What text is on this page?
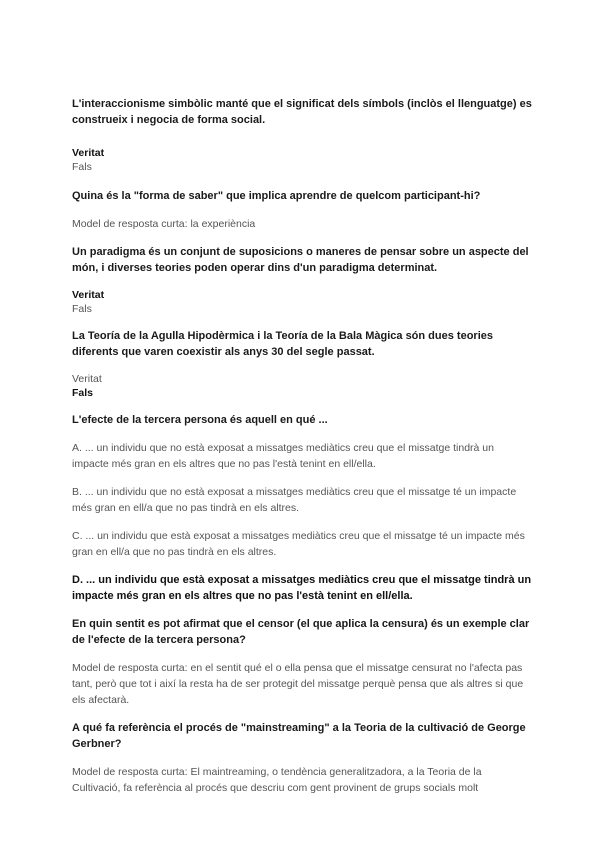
L'interaccionisme simbòlic manté que el significat dels símbols (inclòs el llenguatge) es construeix i negocia de forma social.

Veritat

Fals

Quina és la "forma de saber" que implica aprendre de quelcom participant-hi?

Model de resposta curta: la experiència

Un paradigma és un conjunt de suposicions o maneres de pensar sobre un aspecte del món, i diverses teories poden operar dins d'un paradigma determinat.

Veritat

Fals

La Teoría de la Agulla Hipodèrmica i la Teoría de la Bala Màgica són dues teories diferents que varen coexistir als anys 30 del segle passat.

Veritat

Fals

L'efecte de la tercera persona és aquell en qué ...

A. ... un individu que no està exposat a missatges mediàtics creu que el missatge tindrà un impacte més gran en els altres que no pas l'està tenint en ell/ella.

B. ... un individu que no està exposat a missatges mediàtics creu que el missatge té un impacte més gran en ell/a que no pas tindrà en els altres.

C. ... un individu que està exposat a missatges mediàtics creu que el missatge té un impacte més gran en ell/a que no pas tindrà en els altres.

D. ... un individu que està exposat a missatges mediàtics creu que el missatge tindrà un impacte més gran en els altres que no pas l'està tenint en ell/ella.

En quin sentit es pot afirmat que el censor (el que aplica la censura) és un exemple clar de l'efecte de la tercera persona?

Model de resposta curta: en el sentit qué el o ella pensa que el missatge censurat no l'afecta pas tant, però que tot i així la resta ha de ser protegit del missatge perquè pensa que als altres si que els afectarà.

A qué fa referència el procés de "mainstreaming" a la Teoria de la cultivació de George Gerbner?

Model de resposta curta: El maintreaming, o tendència generalitzadora, a la Teoria de la Cultivació, fa referència al procés que descriu com gent provinent de grups socials molt
